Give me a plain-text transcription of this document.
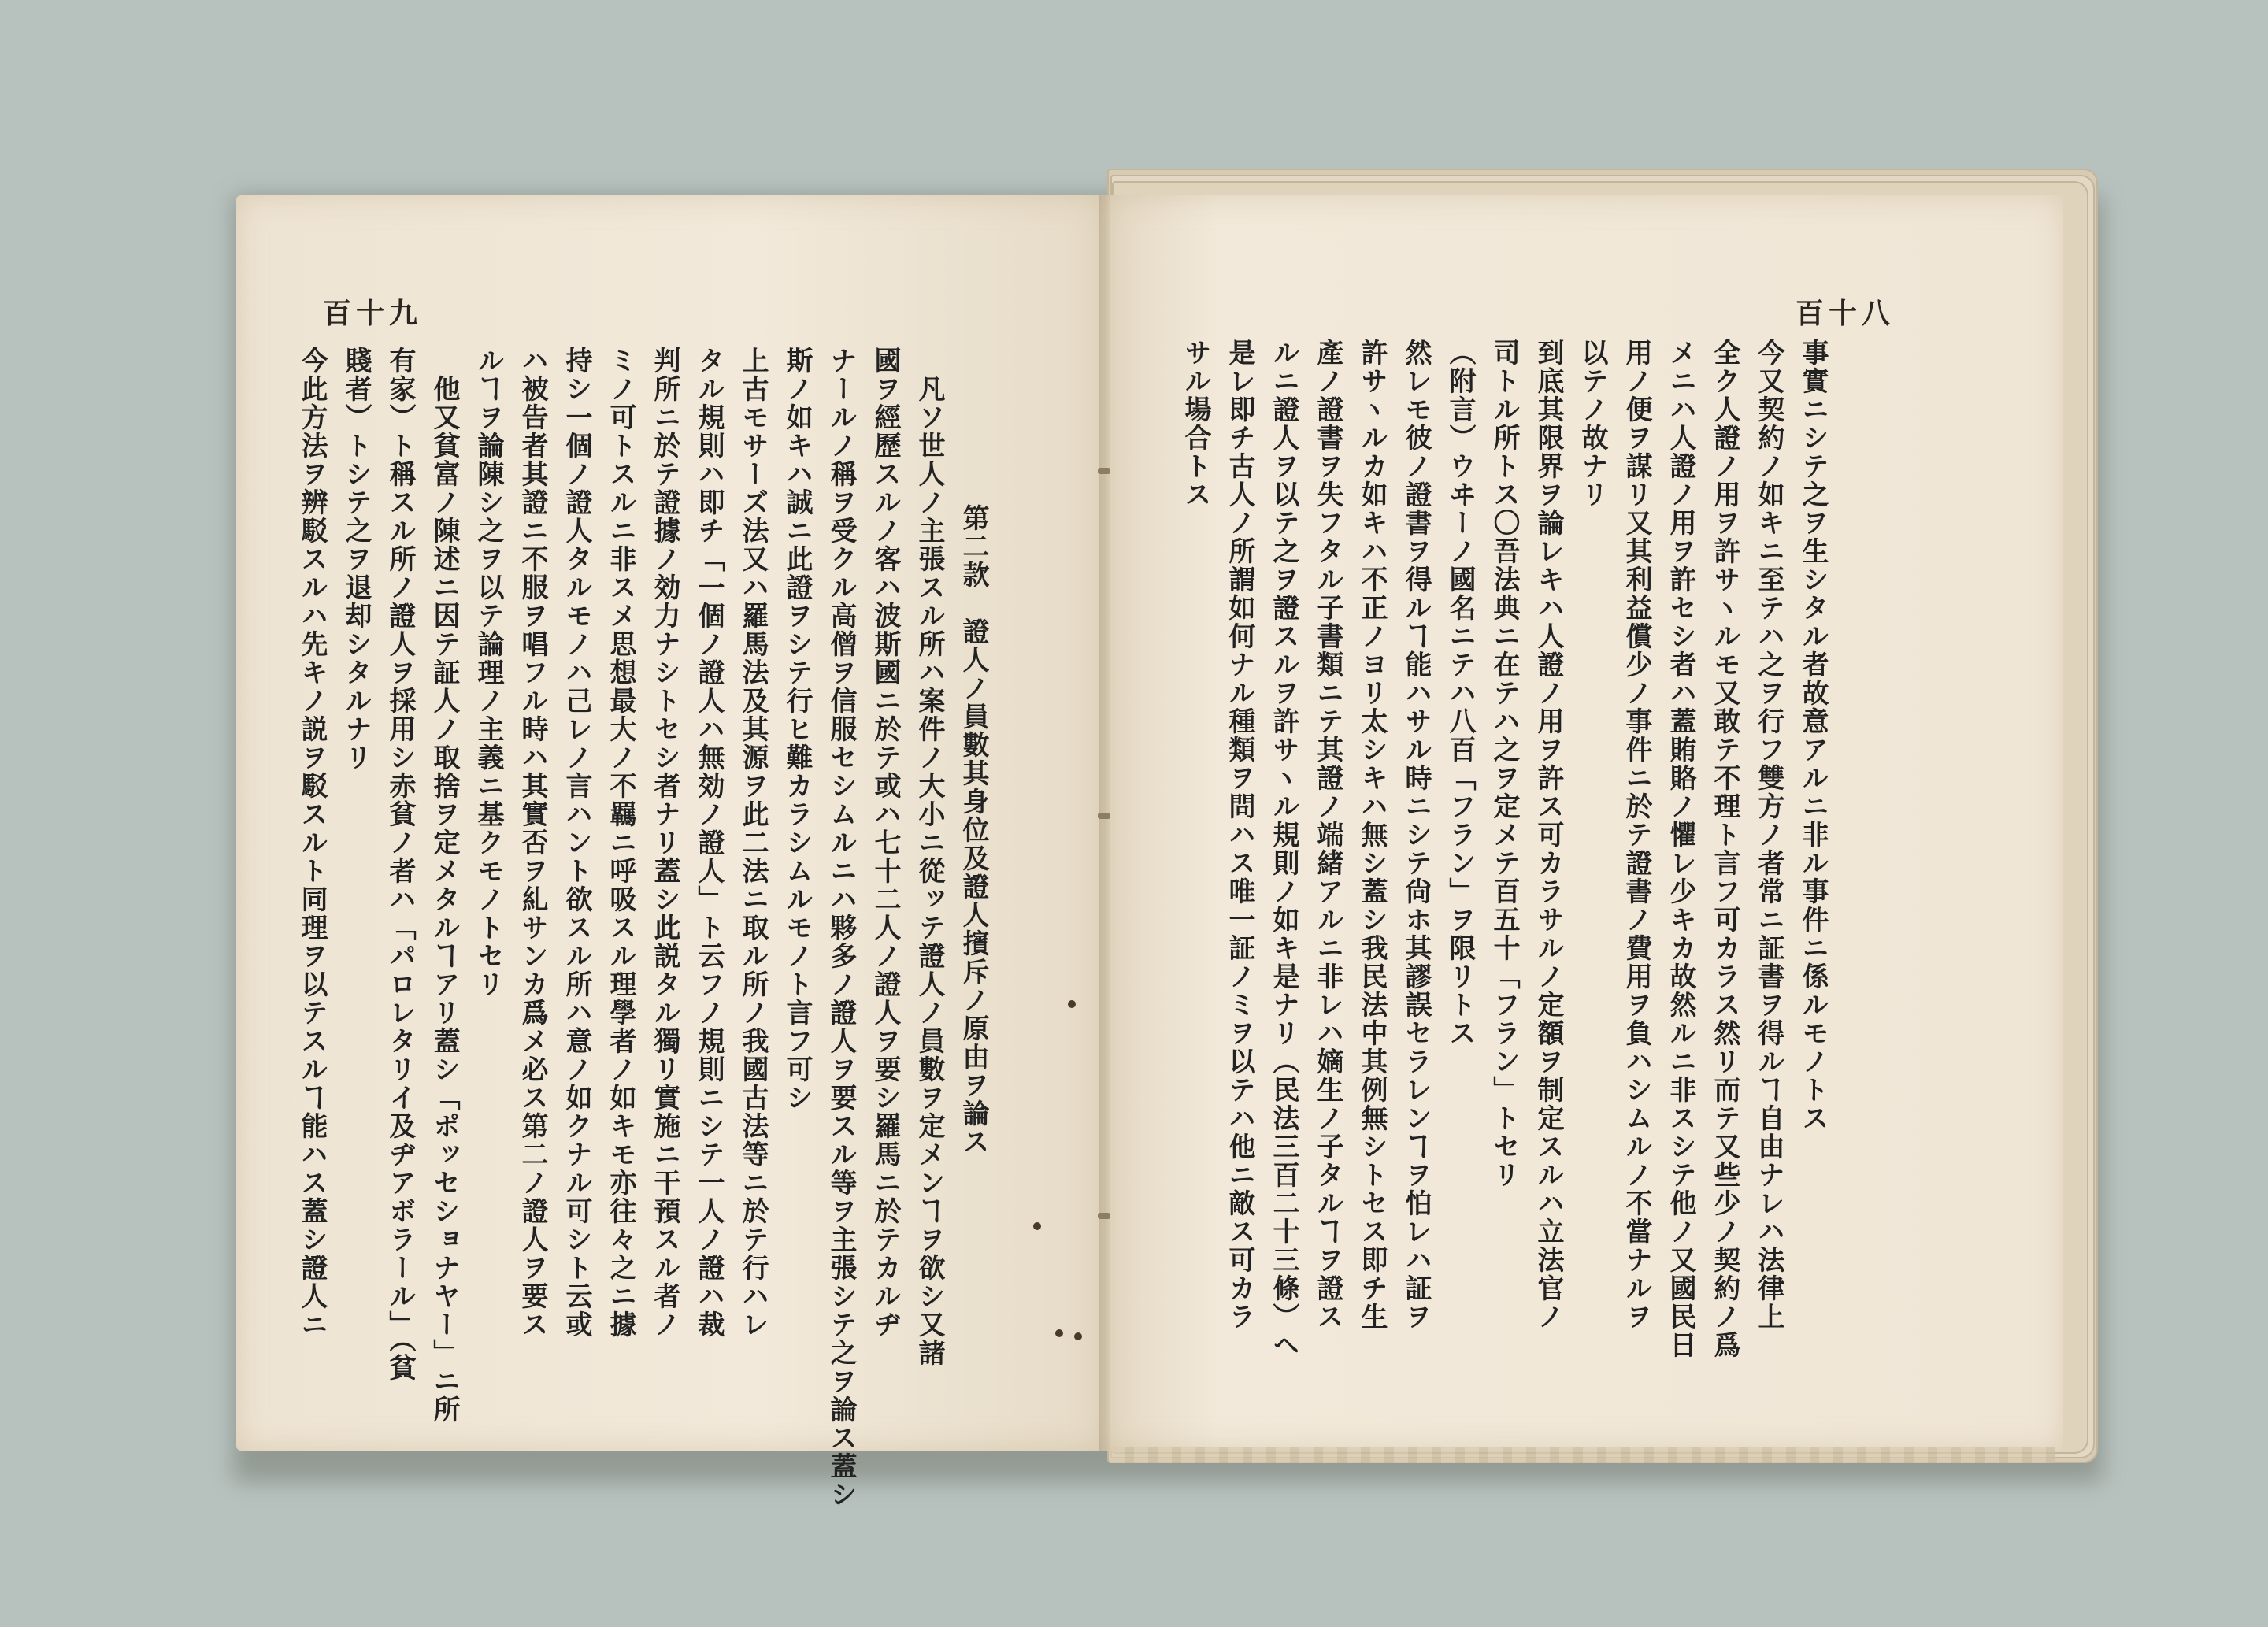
百十九	百十八
第二款　證人ノ員數其身位及證人擯斥ノ原由ヲ論ス
凡ソ世人ノ主張スル所ハ案件ノ大小ニ從ッテ證人ノ員數ヲ定メンヿヲ欲シ又諸
國ヲ經歷スルノ客ハ波斯國ニ於テ或ハ七十二人ノ證人ヲ要シ羅馬ニ於テカルヂ
ナールノ稱ヲ受クル高僧ヲ信服セシムルニハ夥多ノ證人ヲ要スル等ヲ主張シテ之ヲ論ス蓋シ
斯ノ如キハ誠ニ此證ヲシテ行ヒ難カラシムルモノト言フ可シ
上古モサーズ法又ハ羅馬法及其源ヲ此二法ニ取ル所ノ我國古法等ニ於テ行ハレ
タル規則ハ即チ「一個ノ證人ハ無効ノ證人」ト云フノ規則ニシテ一人ノ證ハ裁
判所ニ於テ證據ノ効力ナシトセシ者ナリ蓋シ此説タル獨リ實施ニ干預スル者ノ
ミノ可トスルニ非スメ思想最大ノ不羈ニ呼吸スル理學者ノ如キモ亦往々之ニ據
持シ一個ノ證人タルモノハ己レノ言ハント欲スル所ハ意ノ如クナル可シト云或
ハ被告者其證ニ不服ヲ唱フル時ハ其實否ヲ糺サンカ爲メ必ス第二ノ證人ヲ要ス
ルヿヲ論陳シ之ヲ以テ論理ノ主義ニ基クモノトセリ
他又貧富ノ陳述ニ因テ証人ノ取捨ヲ定メタルヿアリ蓋シ「ポッセショナヤー」ニ所
有家）ト稱スル所ノ證人ヲ採用シ赤貧ノ者ハ「パロレタリイ及ヂアボラール」（貧
賤者）トシテ之ヲ退却シタルナリ
今此方法ヲ辨駁スルハ先キノ説ヲ駁スルト同理ヲ以テスルヿ能ハス蓋シ證人ニ	事實ニシテ之ヲ生シタル者故意アルニ非ル事件ニ係ルモノトス
今又契約ノ如キニ至テハ之ヲ行フ雙方ノ者常ニ証書ヲ得ルヿ自由ナレハ法律上
全ク人證ノ用ヲ許サヽルモ又敢テ不理ト言フ可カラス然リ而テ又些少ノ契約ノ爲
メニハ人證ノ用ヲ許セシ者ハ蓋賄賂ノ懼レ少キカ故然ルニ非スシテ他ノ又國民日
用ノ便ヲ謀リ又其利益償少ノ事件ニ於テ證書ノ費用ヲ負ハシムルノ不當ナルヲ
以テノ故ナリ
到底其限界ヲ論レキハ人證ノ用ヲ許ス可カラサルノ定額ヲ制定スルハ立法官ノ
司トル所トス〇吾法典ニ在テハ之ヲ定メテ百五十「フラン」トセリ
（附言）ウヰーノ國名ニテハ八百「フラン」ヲ限リトス
然レモ彼ノ證書ヲ得ルヿ能ハサル時ニシテ尙ホ其謬誤セラレンヿヲ怕レハ証ヲ
許サヽルカ如キハ不正ノヨリ太シキハ無シ蓋シ我民法中其例無シトセス即チ生
產ノ證書ヲ失フタル子書類ニテ其證ノ端緒アルニ非レハ嫡生ノ子タルヿヲ證ス
ルニ證人ヲ以テ之ヲ證スルヲ許サヽル規則ノ如キ是ナリ（民法三百二十三條）ヘ
是レ即チ古人ノ所謂如何ナル種類ヲ問ハス唯一証ノミヲ以テハ他ニ敵ス可カラ
サル場合トス
